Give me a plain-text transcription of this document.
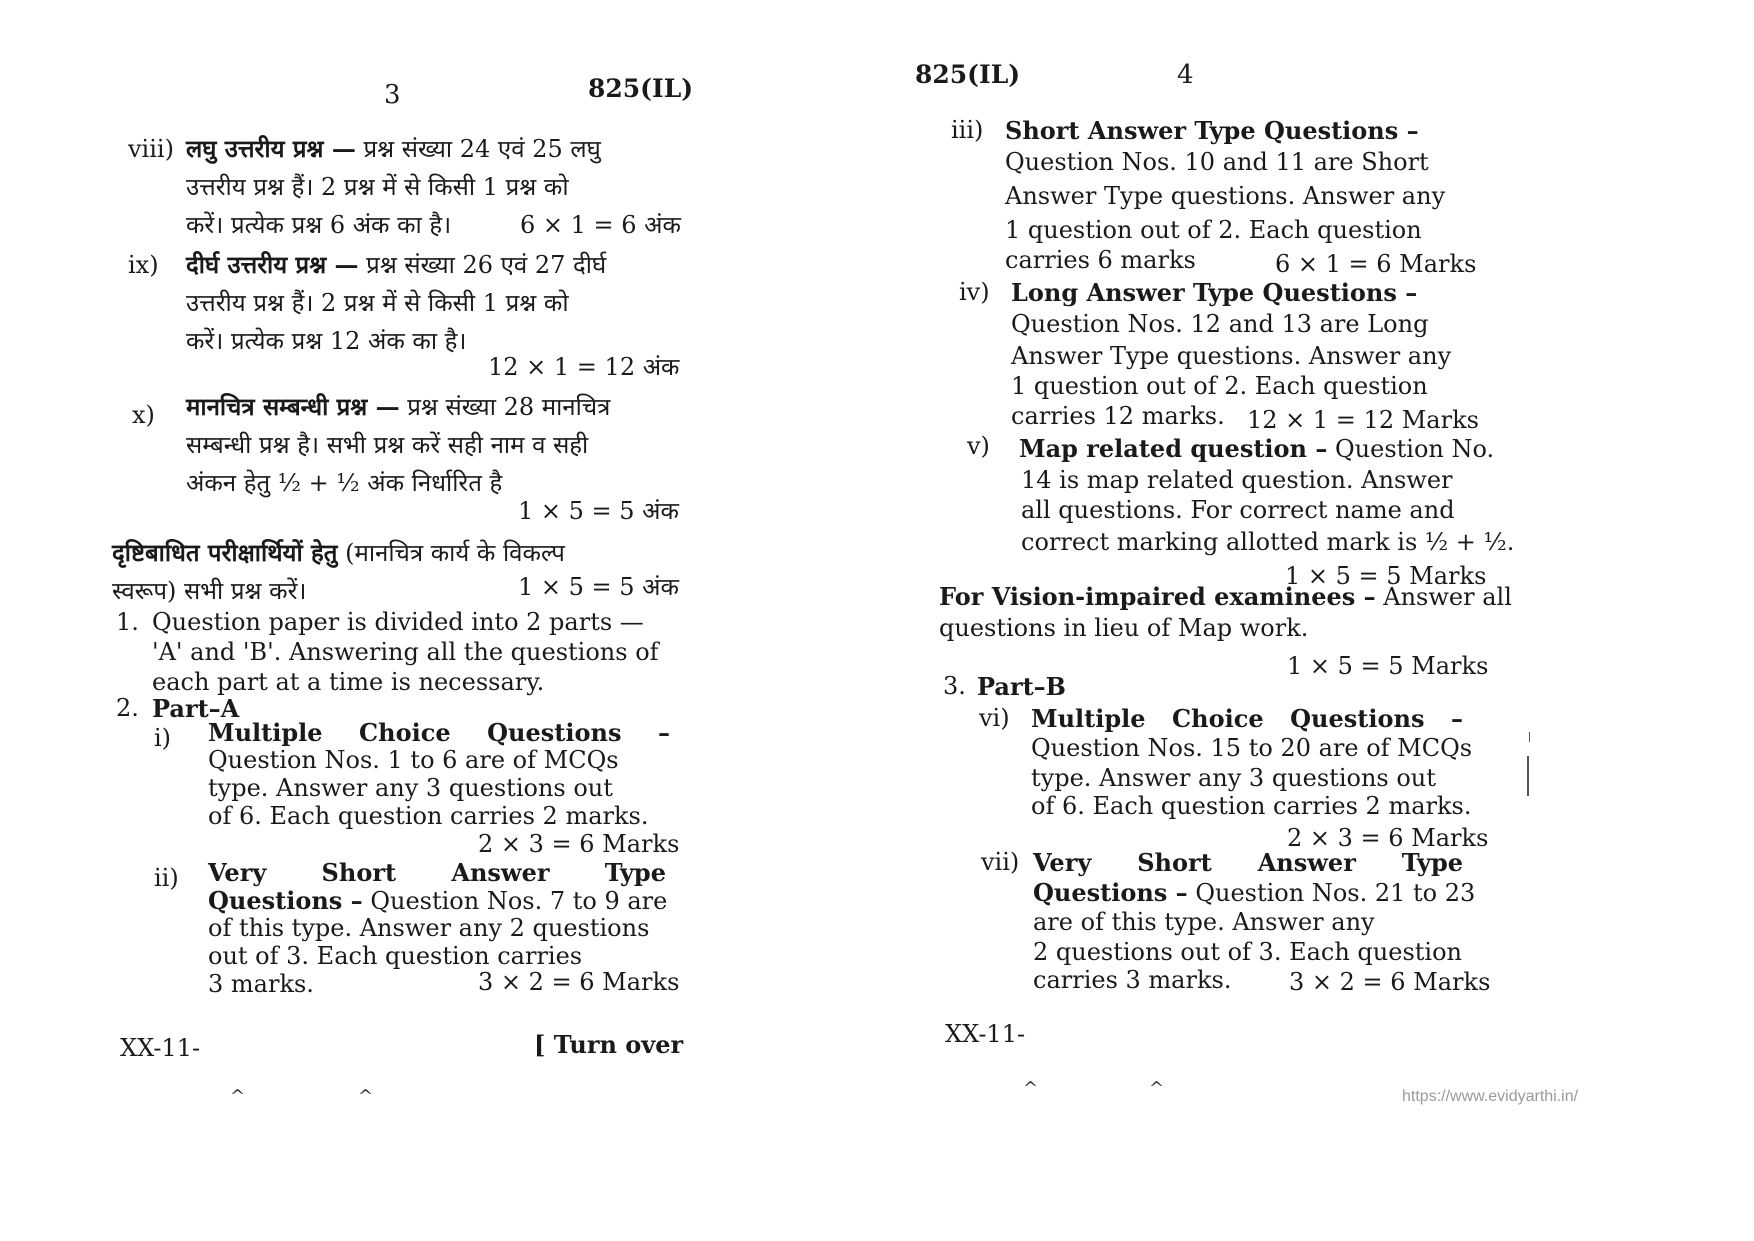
3	825(IL)
viii) लघु उत्तरीय प्रश्न — प्रश्न संख्या 24 एवं 25 लघु
उत्तरीय प्रश्न हैं। 2 प्रश्न में से किसी 1 प्रश्न को
करें। प्रत्येक प्रश्न 6 अंक का है।	6 × 1 = 6 अंक
ix) दीर्घ उत्तरीय प्रश्न — प्रश्न संख्या 26 एवं 27 दीर्घ
उत्तरीय प्रश्न हैं। 2 प्रश्न में से किसी 1 प्रश्न को
करें। प्रत्येक प्रश्न 12 अंक का है।
12 × 1 = 12 अंक
x) मानचित्र सम्बन्धी प्रश्न — प्रश्न संख्या 28 मानचित्र
सम्बन्धी प्रश्न है। सभी प्रश्न करें सही नाम व सही
अंकन हेतु ½ + ½ अंक निर्धारित है
1 × 5 = 5 अंक
दृष्टिबाधित परीक्षार्थियों हेतु (मानचित्र कार्य के विकल्प
स्वरूप) सभी प्रश्न करें।	1 × 5 = 5 अंक
1. Question paper is divided into 2 parts —
'A' and 'B'. Answering all the questions of
each part at a time is necessary.
2. Part–A
i) Multiple Choice Questions –
Question Nos. 1 to 6 are of MCQs
type. Answer any 3 questions out
of 6. Each question carries 2 marks.
2 × 3 = 6 Marks
ii) Very Short Answer Type
Questions – Question Nos. 7 to 9 are
of this type. Answer any 2 questions
out of 3. Each question carries
3 marks.	3 × 2 = 6 Marks
XX-11-	[ Turn over
^	^
825(IL)	4
iii) Short Answer Type Questions –
Question Nos. 10 and 11 are Short
Answer Type questions. Answer any
1 question out of 2. Each question
carries 6 marks	6 × 1 = 6 Marks
iv) Long Answer Type Questions –
Question Nos. 12 and 13 are Long
Answer Type questions. Answer any
1 question out of 2. Each question
carries 12 marks. 12 × 1 = 12 Marks
v) Map related question – Question No.
14 is map related question. Answer
all questions. For correct name and
correct marking allotted mark is ½ + ½.
1 × 5 = 5 Marks
For Vision-impaired examinees – Answer all
questions in lieu of Map work.
1 × 5 = 5 Marks
3. Part–B
vi) Multiple Choice Questions –
Question Nos. 15 to 20 are of MCQs
type. Answer any 3 questions out
of 6. Each question carries 2 marks.
2 × 3 = 6 Marks
vii) Very Short Answer Type
Questions – Question Nos. 21 to 23
are of this type. Answer any
2 questions out of 3. Each question
carries 3 marks. 3 × 2 = 6 Marks
XX-11-
^	^	https://www.evidyarthi.in/
